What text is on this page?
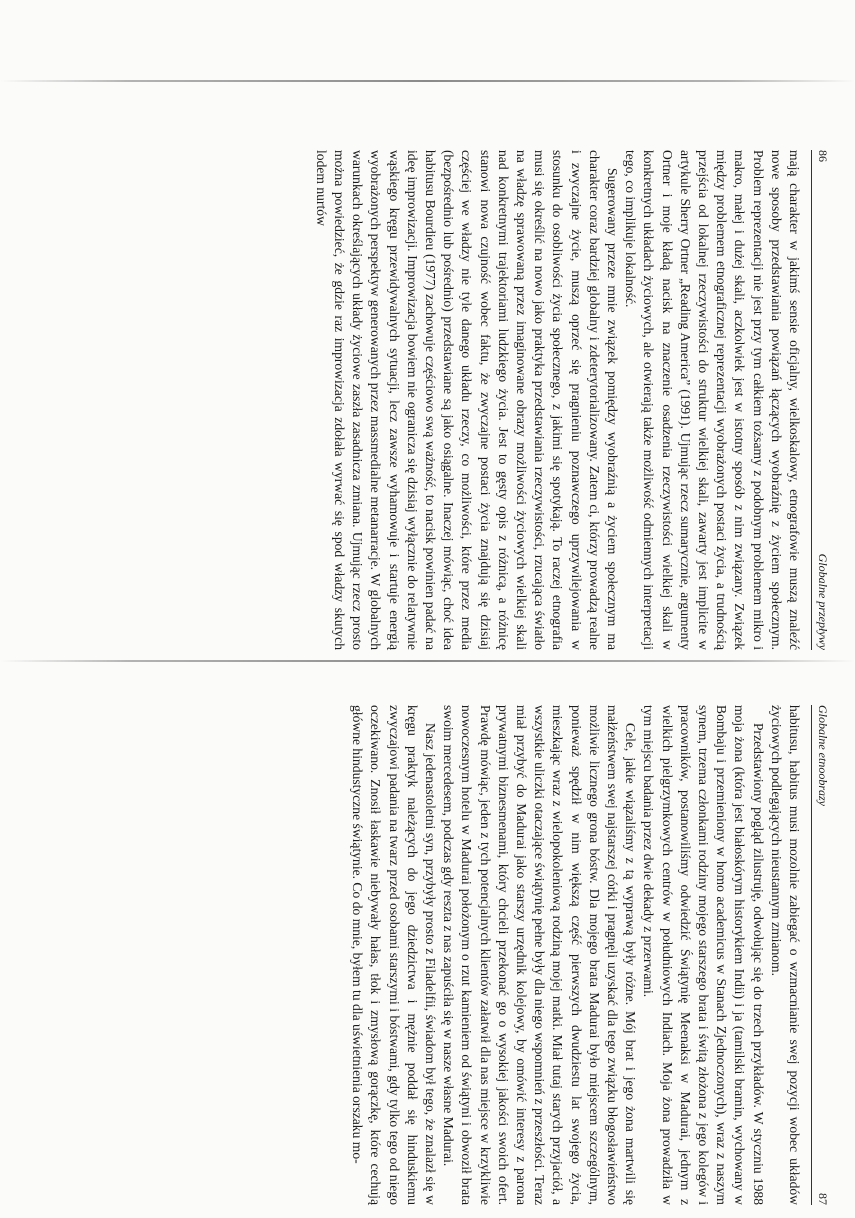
86
Globalne przepływy

mają charakter w jakimś sensie oficjalny, wielkoskalowy, etnografowie muszą znaleźć nowe sposoby przedstawiania powiązań łączących wyobraźnię z życiem społecznym. Problem reprezentacji nie jest przy tym całkiem tożsamy z podobnym problemem mikro i makro, małej i dużej skali, aczkolwiek jest w istotny sposób z nim związany. Związek między problemem etnograficznej reprezentacji wyobrażonych postaci życia, a trudnością przejścia od lokalnej rzeczywistości do struktur wielkiej skali, zawarty jest implicite w artykule Sherry Ortner „Reading America” (1991). Ujmując rzecz sumarycznie, argumenty Ortner i moje kładą nacisk na znaczenie osadzenia rzeczywistości wielkiej skali w konkretnych układach życiowych, ale otwierają także możliwość odmiennych interpretacji tego, co implikuje lokalność.

Sugerowany przeze mnie związek pomiędzy wyobraźnią a życiem społecznym ma charakter coraz bardziej globalny i zdeterytorializowany. Zatem ci, którzy prowadzą realne i zwyczajne życie, muszą oprzeć się pragnieniu poznawczego uprzywilejowania w stosunku do osobliwości życia społecznego, z jakimi się spotykają. To raczej etnografia musi się określić na nowo jako praktyka przedstawiania rzeczywistości, rzucająca światło na władzę sprawowaną przez imaginowane obrazy możliwości życiowych wielkiej skali nad konkretnymi trajektoriami ludzkiego życia. Jest to gęsty opis z różnicą, a różnicę stanowi nowa czujność wobec faktu, że zwyczajne postaci życia znajdują się dzisiaj częściej we władzy nie tyle danego układu rzeczy, co możliwości, które przez media (bezpośrednio lub pośrednio) przedstawiane są jako osiągalne. Inaczej mówiąc, choć idea habitusu Bourdieu (1977) zachowuje częściowo swą ważność, to nacisk powinien padać na ideę improwizacji. Improwizacja bowiem nie ogranicza się dzisiaj wyłącznie do relatywnie wąskiego kręgu przewidywalnych sytuacji, lecz zawsze wyhamowuje i startuje energią wyobrażonych perspektyw generowanych przez massmedialne metanarracje. W globalnych warunkach określających układy życiowe zaszła zasadnicza zmiana. Ujmując rzecz prosto można powiedzieć, że gdzie raz improwizacja zdołała wyrwać się spod władzy skutych lodem nurtów

Globalne etnoobrazy
87

habitusu, habitus musi mozolnie zabiegać o wzmacnianie swej pozycji wobec układów życiowych podlegających nieustannym zmianom.

Przedstawiony pogląd zilustruję, odwołując się do trzech przykładów. W styczniu 1988 moja żona (która jest białoskórym historykiem Indii) i ja (tamilski bramin, wychowany w Bombaju i przemieniony w homo academicus w Stanach Zjednoczonych), wraz z naszym synem, trzema członkami rodziny mojego starszego brata i świtą złożona z jego kolegów i pracowników, postanowiliśmy odwiedzić Świątynię Meenaksi w Madurai, jednym z wielkich pielgrzymkowych centrów w południowych Indiach. Moja żona prowadziła w tym miejscu badania przez dwie dekady z przerwami.

Cele, jakie wiązaliśmy z tą wyprawą były różne. Mój brat i jego żona martwili się małżeństwem swej najstarszej córki i pragnęli uzyskać dla tego związku błogosławieństwo możliwie licznego grona bóstw. Dla mojego brata Madurai było miejscem szczególnym, ponieważ spędził w nim większą część pierwszych dwudziestu lat swojego życia, mieszkając wraz z wielopokoleniową rodziną mojej matki. Miał tutaj starych przyjaciół, a wszystkie uliczki otaczające świątynię pełne były dla niego wspomnień z przeszłości. Teraz miał przybyć do Madurai jako starszy urzędnik kolejowy, by omówić interesy z parona prywatnymi biznesmenami, który chcieli przekonać go o wysokiej jakości swoich ofert. Prawdę mówiąc, jeden z tych potencjalnych klientów załatwił dla nas miejsce w krzykliwie nowoczesnym hotelu w Madurai położonym o rzut kamieniem od świątyni i obwoził brata swoim mercedesem, podczas gdy reszta z nas zapuściła się w nasze własne Madurai.

Nasz jedenastoletni syn, przybyły prosto z Filadelfii, świadom był tego, że znalazł się w kręgu praktyk należących do jego dziedzictwa i mężnie poddał się hinduskiemu zwyczajowi padania na twarz przed osobami starszymi i bóstwami, gdy tylko tego od niego oczekiwano. Znosił łaskawie niebywały hałas, tłok i zmysłową gorączkę, które cechują główne hindustyczne świątynie. Co do mnie, byłem tu dla uświetnienia orszaku mo-
